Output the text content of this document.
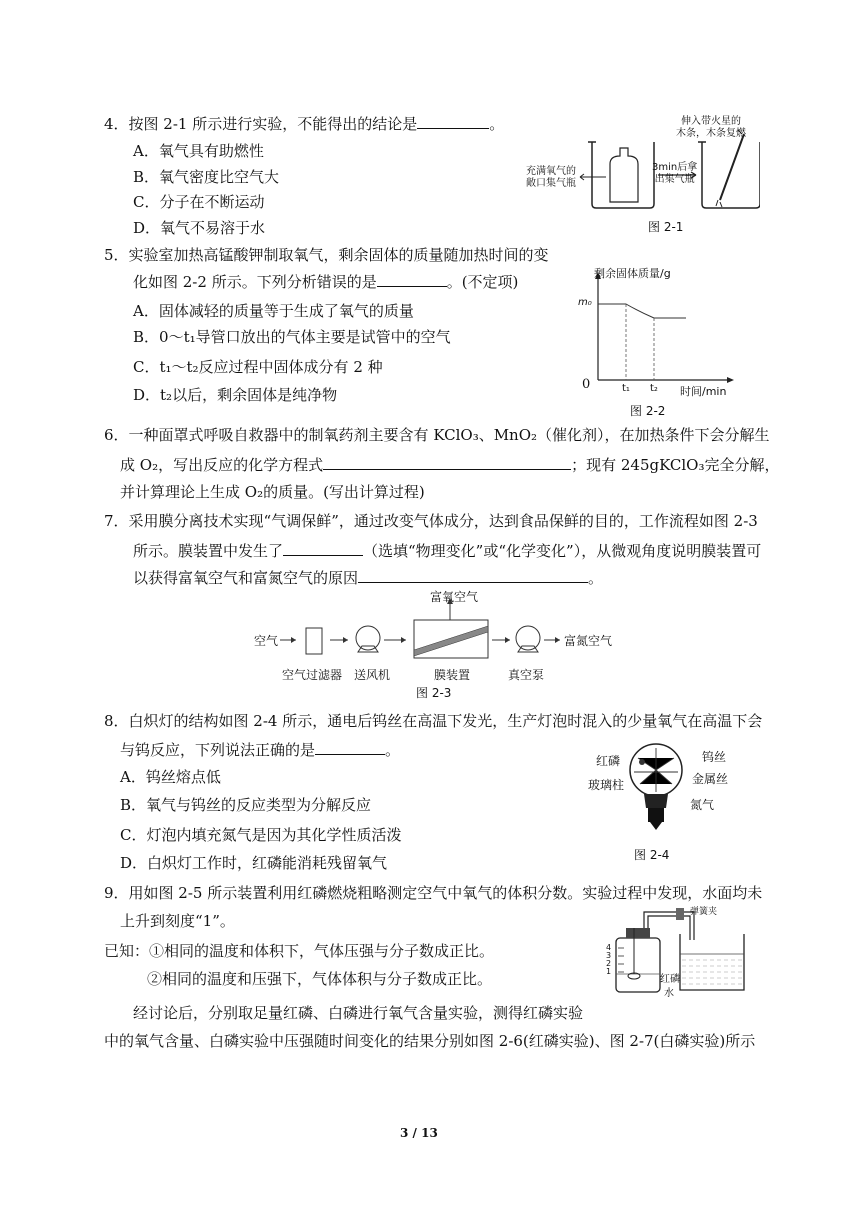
4．按图 2-1 所示进行实验，不能得出的结论是	。
A．氧气具有助燃性
B．氧气密度比空气大
C．分子在不断运动
D．氧气不易溶于水
伸入带火星的
木条，木条复燃
充满氧气的
敞口集气瓶
3min后拿
出集气瓶
图 2-1
5．实验室加热高锰酸钾制取氧气，剩余固体的质量随加热时间的变
化如图 2-2 所示。下列分析错误的是	。(不定项)
A．固体减轻的质量等于生成了氧气的质量
B．0～t₁导管口放出的气体主要是试管中的空气
C．t₁～t₂反应过程中固体成分有 2 种
D．t₂以后，剩余固体是纯净物
剩余固体质量/g
m₀
0	t₁ t₂ 时间/min
图 2-2
6．一种面罩式呼吸自救器中的制氧药剂主要含有 KClO₃、MnO₂（催化剂），在加热条件下会分解生
成 O₂，写出反应的化学方程式	；现有 245gKClO₃完全分解，
并计算理论上生成 O₂的质量。(写出计算过程)
7．采用膜分离技术实现“气调保鲜”，通过改变气体成分，达到食品保鲜的目的，工作流程如图 2-3
所示。膜装置中发生了	（选填“物理变化”或“化学变化”），从微观角度说明膜装置可
以获得富氧空气和富氮空气的原因	。
空气
空气过滤器 送风机	膜装置	真空泵
富氧空气
富氮空气
图 2-3
8．白炽灯的结构如图 2-4 所示，通电后钨丝在高温下发光，生产灯泡时混入的少量氧气在高温下会
与钨反应，下列说法正确的是	。
A．钨丝熔点低
B．氧气与钨丝的反应类型为分解反应
C．灯泡内填充氮气是因为其化学性质活泼
D．白炽灯工作时，红磷能消耗残留氧气
红磷
玻璃柱
钨丝
金属丝
氮气
图 2-4
9．用如图 2-5 所示装置利用红磷燃烧粗略测定空气中氧气的体积分数。实验过程中发现，水面均未
上升到刻度“1”。
已知：①相同的温度和体积下，气体压强与分子数成正比。
②相同的温度和压强下，气体体积与分子数成正比。
经讨论后，分别取足量红磷、白磷进行氧气含量实验，测得红磷实验
中的氧气含量、白磷实验中压强随时间变化的结果分别如图 2-6(红磷实验)、图 2-7(白磷实验)所示
弹簧夹
4
3
2
1
红磷
水
3 / 13
